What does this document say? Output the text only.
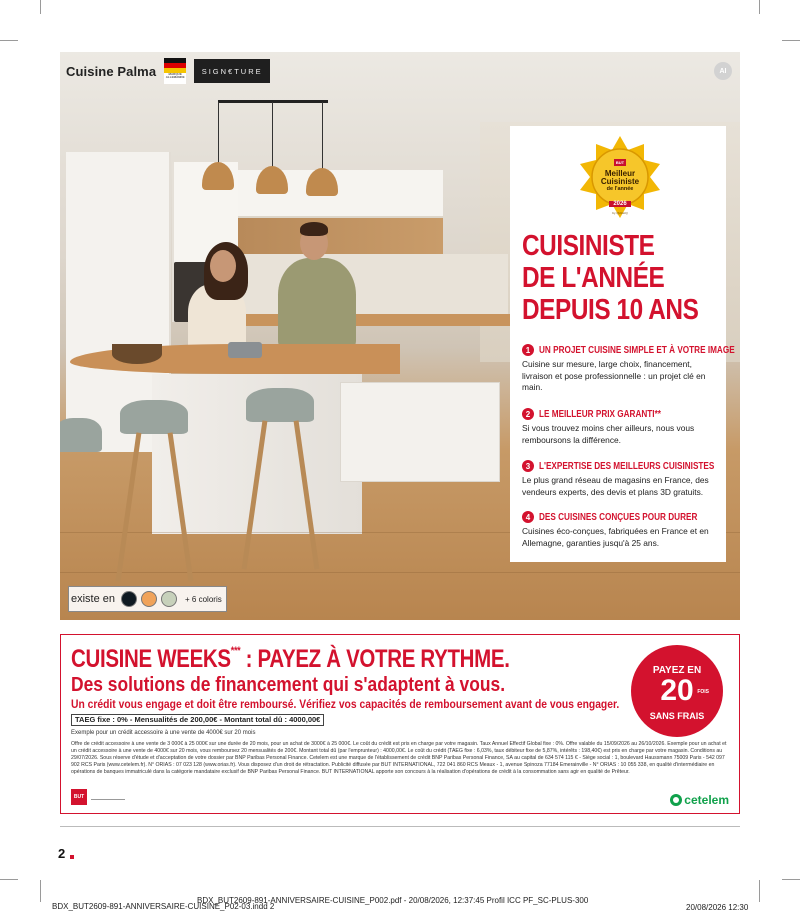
Cuisine Palma	MARQUE ALLEMANDE
SIGN€TURE	AI
existe en	+ 6 coloris
BUT
Meilleur
Cuisiniste
de l'année
2026
by QUALIQ
CUISINISTE
DE L'ANNÉE
DEPUIS 10 ANS
1 UN PROJET CUISINE SIMPLE ET À VOTRE IMAGE
Cuisine sur mesure, large choix, financement, livraison et pose professionnelle : un projet clé en main.
2 LE MEILLEUR PRIX GARANTI**
Si vous trouvez moins cher ailleurs, nous vous remboursons la différence.
3 L'EXPERTISE DES MEILLEURS CUISINISTES
Le plus grand réseau de magasins en France, des vendeurs experts, des devis et plans 3D gratuits.
4 DES CUISINES CONÇUES POUR DURER
Cuisines éco-conçues, fabriquées en France et en Allemagne, garanties jusqu'à 25 ans.
CUISINE WEEKS*** : PAYEZ À VOTRE RYTHME.
Des solutions de financement qui s'adaptent à vous.
Un crédit vous engage et doit être remboursé. Vérifiez vos capacités de remboursement avant de vous engager.
TAEG fixe : 0% - Mensualités de 200,00€ - Montant total dû : 4000,00€
Exemple pour un crédit accessoire à une vente de 4000€ sur 20 mois
Offre de crédit accessoire à une vente de 3 000€ à 25 000€ sur une durée de 20 mois, pour un achat de 3000€ à 25 000€. Le coût du crédit est pris en charge par votre magasin. Taux Annuel Effectif Global fixe : 0%. Offre valable du 15/09/2026 au 26/10/2026. Exemple pour un achat et un crédit accessoire à une vente de 4000€ sur 20 mois, vous remboursez 20 mensualités de 200€. Montant total dû (par l'emprunteur) : 4000,00€. Le coût du crédit (TAEG fixe : 6,03%, taux débiteur fixe de 5,87%, intérêts : 198,40€) est pris en charge par votre magasin. Conditions au 29/07/2026. Sous réserve d'étude et d'acceptation de votre dossier par BNP Paribas Personal Finance. Cetelem est une marque de l'établissement de crédit BNP Paribas Personal Finance, SA au capital de 634 574 115 € - Siège social : 1, boulevard Haussmann 75009 Paris - 542 097 902 RCS Paris (www.cetelem.fr). N° ORIAS : 07 023 128 (www.orias.fr). Vous disposez d'un droit de rétractation. Publicité diffusée par BUT INTERNATIONAL, 722 041 860 RCS Meaux - 1, avenue Spinoza 77184 Emerainville - N° ORIAS : 10 055 338, en qualité d'intermédiaire en opérations de banques immatriculé dans la catégorie mandataire exclusif de BNP Paribas Personal Finance. BUT INTERNATIONAL apporte son concours à la réalisation d'opérations de crédit à la consommation sans agir en qualité de Prêteur.
PAYEZ EN
20 FOIS
SANS FRAIS
BUT	cetelem
2
BDX_BUT2609-891-ANNIVERSAIRE-CUISINE_P02-03.indd 2
BDX_BUT2609-891-ANNIVERSAIRE-CUISINE_P002.pdf - 20/08/2026, 12:37:45 Profil ICC PF_SC-PLUS-300
20/08/2026 12:30
